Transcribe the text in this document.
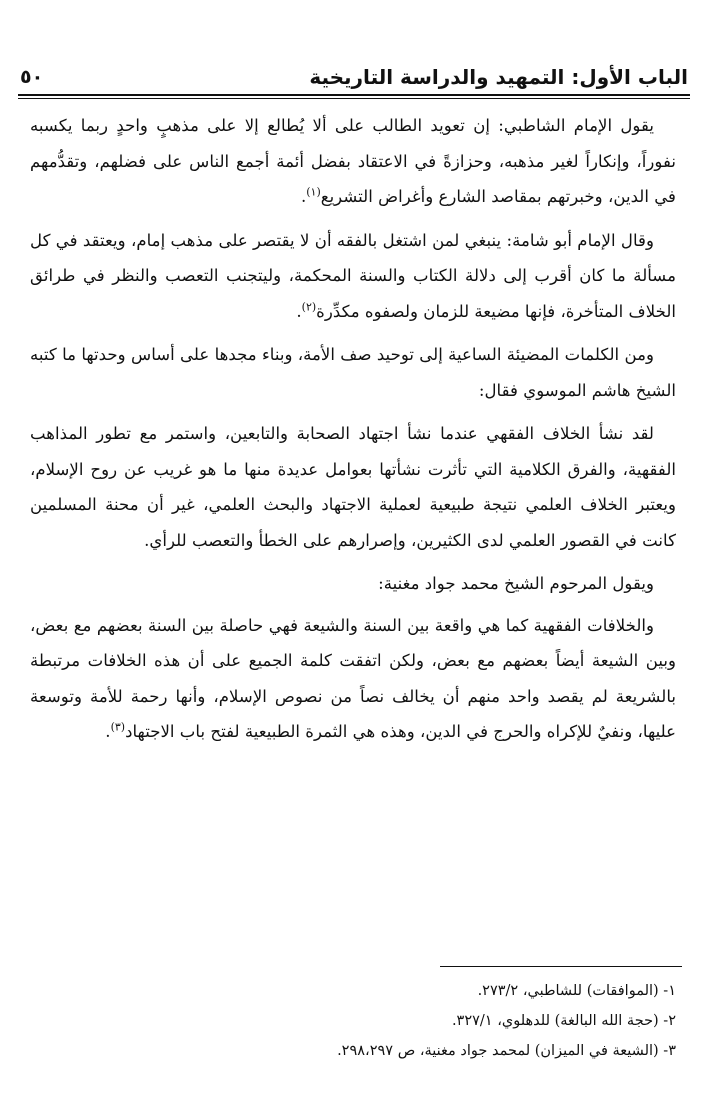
الباب الأول: التمهيد والدراسة التاريخية
٥٠

يقول الإمام الشاطبي: إن تعويد الطالب على ألا يُطالع إلا على مذهبٍ واحدٍ ربما يكسبه نفوراً، وإنكاراً لغير مذهبه، وحزازةً في الاعتقاد بفضل أئمة أجمع الناس على فضلهم، وتقدُّمهم في الدين، وخبرتهم بمقاصد الشارع وأغراض التشريع$^{(١)}$.

وقال الإمام أبو شامة: ينبغي لمن اشتغل بالفقه أن لا يقتصر على مذهب إمام، ويعتقد في كل مسألة ما كان أقرب إلى دلالة الكتاب والسنة المحكمة، وليتجنب التعصب والنظر في طرائق الخلاف المتأخرة، فإنها مضيعة للزمان ولصفوه مكدِّرة$^{(٢)}$.

ومن الكلمات المضيئة الساعية إلى توحيد صف الأمة، وبناء مجدها على أساس وحدتها ما كتبه الشيخ هاشم الموسوي فقال:

لقد نشأ الخلاف الفقهي عندما نشأ اجتهاد الصحابة والتابعين، واستمر مع تطور المذاهب الفقهية، والفرق الكلامية التي تأثرت نشأتها بعوامل عديدة منها ما هو غريب عن روح الإسلام، ويعتبر الخلاف العلمي نتيجة طبيعية لعملية الاجتهاد والبحث العلمي، غير أن محنة المسلمين كانت في القصور العلمي لدى الكثيرين، وإصرارهم على الخطأ والتعصب للرأي.

ويقول المرحوم الشيخ محمد جواد مغنية:

والخلافات الفقهية كما هي واقعة بين السنة والشيعة فهي حاصلة بين السنة بعضهم مع بعض، وبين الشيعة أيضاً بعضهم مع بعض، ولكن اتفقت كلمة الجميع على أن هذه الخلافات مرتبطة بالشريعة لم يقصد واحد منهم أن يخالف نصاً من نصوص الإسلام، وأنها رحمة للأمة وتوسعة عليها، ونفيٌ للإكراه والحرج في الدين، وهذه هي الثمرة الطبيعية لفتح باب الاجتهاد$^{(٣)}$.

١- (الموافقات) للشاطبي، ٢٧٣/٢.
٢- (حجة الله البالغة) للدهلوي، ٣٢٧/١.
٣- (الشيعة في الميزان) لمحمد جواد مغنية، ص ٢٩٨،٢٩٧.
